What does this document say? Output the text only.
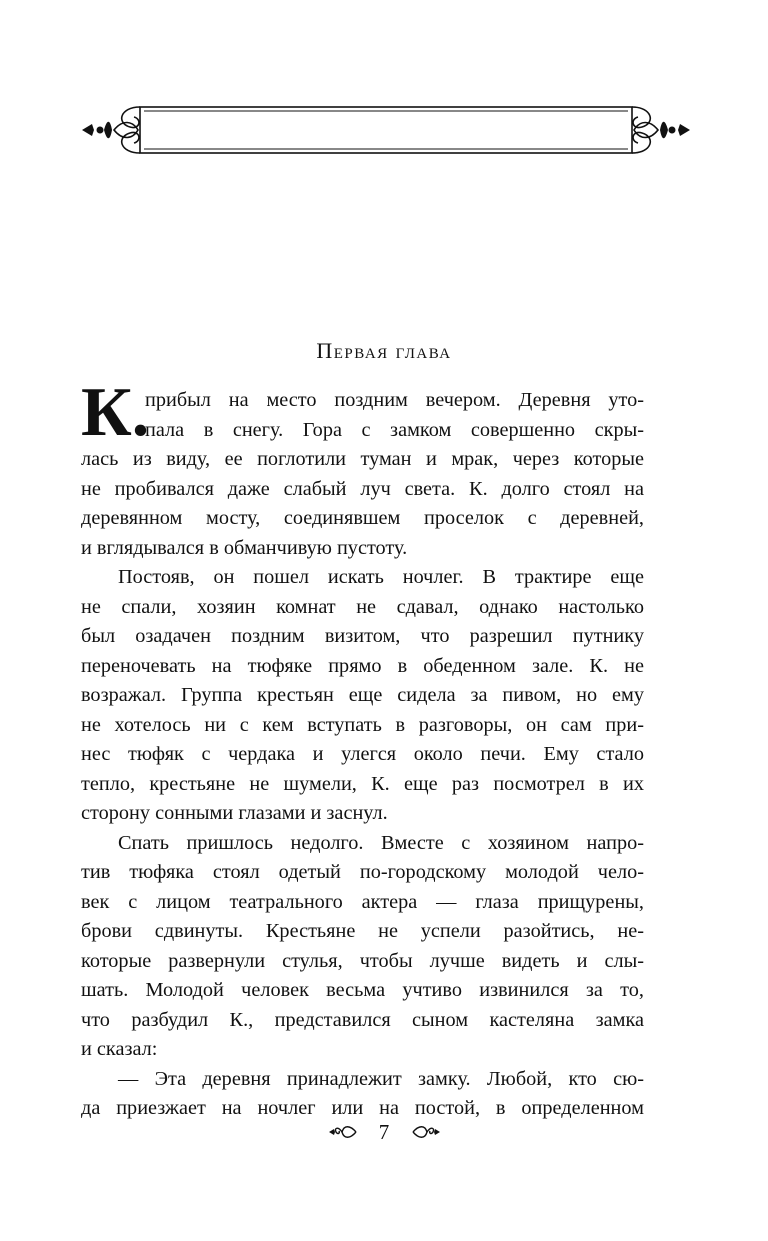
Первая глава
К.
прибыл на место поздним вечером. Деревня уто-
пала в снегу. Гора с замком совершенно скры-
лась из виду, ее поглотили туман и мрак, через которые
не пробивался даже слабый луч света. К. долго стоял на
деревянном мосту, соединявшем проселок с деревней,
и вглядывался в обманчивую пустоту.
Постояв, он пошел искать ночлег. В трактире еще
не спали, хозяин комнат не сдавал, однако настолько
был озадачен поздним визитом, что разрешил путнику
переночевать на тюфяке прямо в обеденном зале. К. не
возражал. Группа крестьян еще сидела за пивом, но ему
не хотелось ни с кем вступать в разговоры, он сам при-
нес тюфяк с чердака и улегся около печи. Ему стало
тепло, крестьяне не шумели, К. еще раз посмотрел в их
сторону сонными глазами и заснул.
Спать пришлось недолго. Вместе с хозяином напро-
тив тюфяка стоял одетый по-городскому молодой чело-
век с лицом театрального актера — глаза прищурены,
брови сдвинуты. Крестьяне не успели разойтись, не-
которые развернули стулья, чтобы лучше видеть и слы-
шать. Молодой человек весьма учтиво извинился за то,
что разбудил К., представился сыном кастеляна замка
и сказал:
— Эта деревня принадлежит замку. Любой, кто сю-
да приезжает на ночлег или на постой, в определенном
7
